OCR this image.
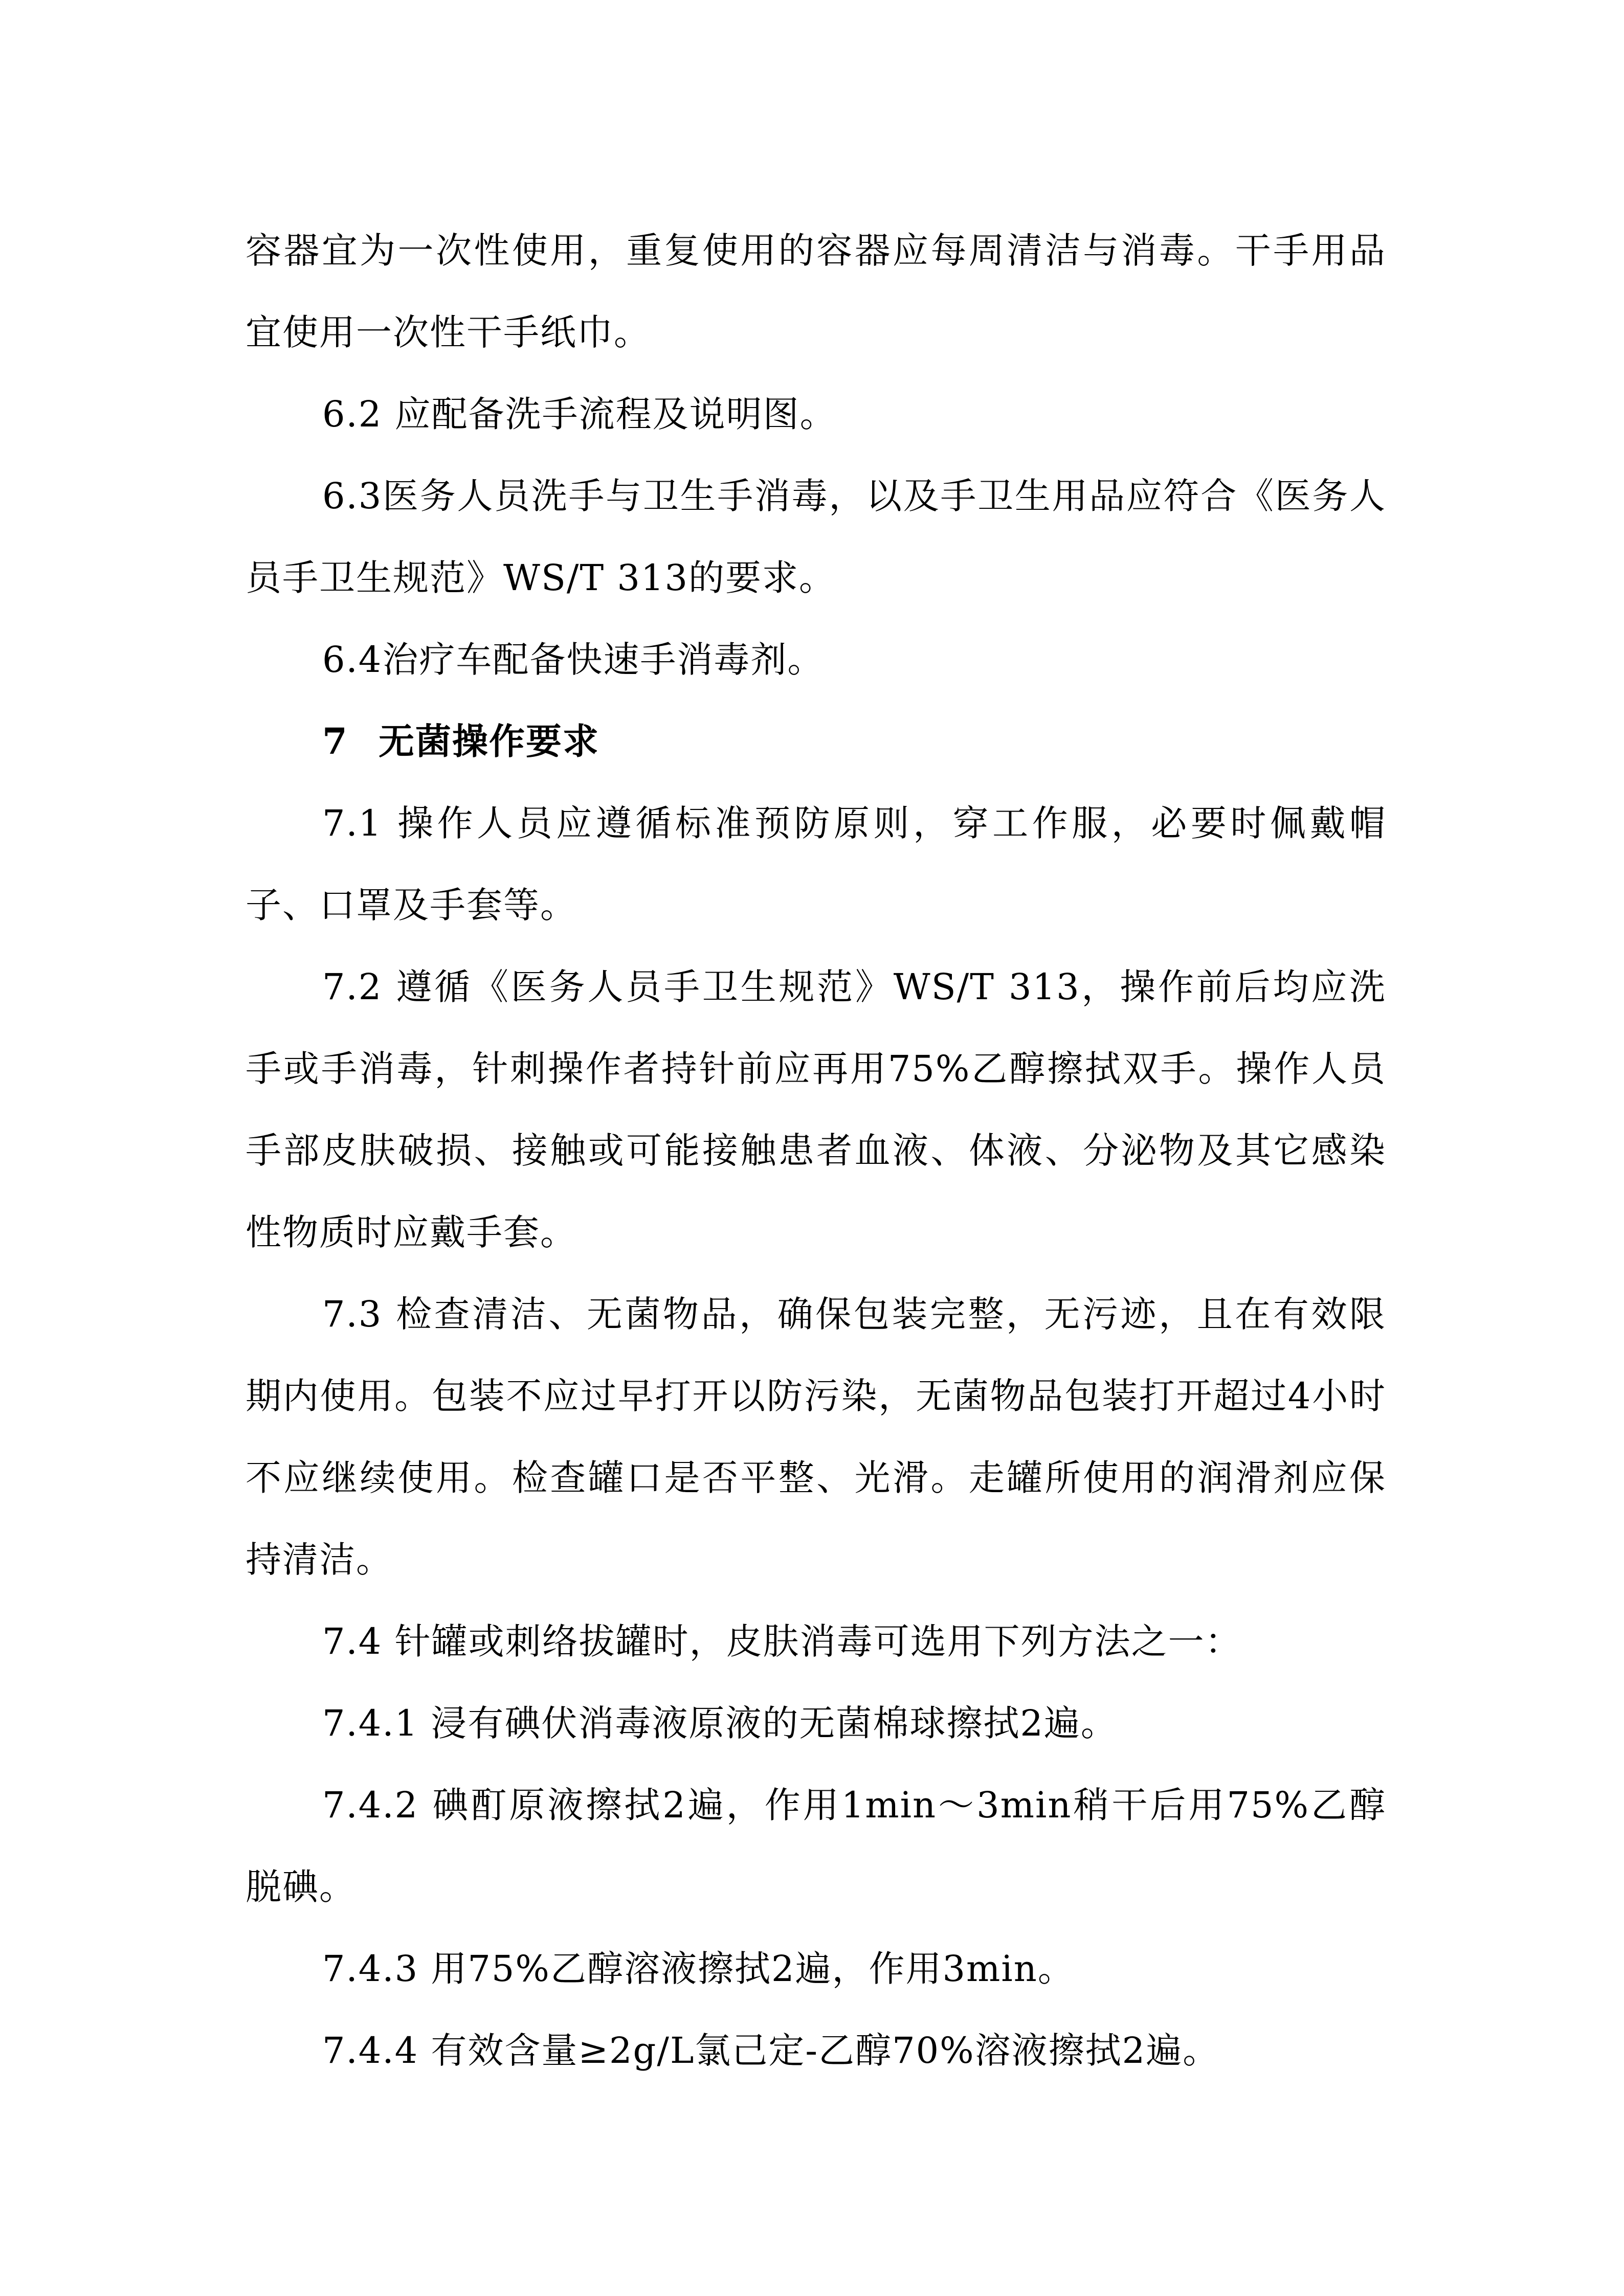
容器宜为一次性使用，重复使用的容器应每周清洁与消毒。干手用品宜使用一次性干手纸巾。

6.2 应配备洗手流程及说明图。

6.3医务人员洗手与卫生手消毒，以及手卫生用品应符合《医务人员手卫生规范》WS/T 313的要求。

6.4治疗车配备快速手消毒剂。

7 无菌操作要求

7.1 操作人员应遵循标准预防原则，穿工作服，必要时佩戴帽子、口罩及手套等。

7.2 遵循《医务人员手卫生规范》WS/T 313，操作前后均应洗手或手消毒，针刺操作者持针前应再用75%乙醇擦拭双手。操作人员手部皮肤破损、接触或可能接触患者血液、体液、分泌物及其它感染性物质时应戴手套。

7.3 检查清洁、无菌物品，确保包装完整，无污迹，且在有效限期内使用。包装不应过早打开以防污染，无菌物品包装打开超过4小时不应继续使用。检查罐口是否平整、光滑。走罐所使用的润滑剂应保持清洁。

7.4 针罐或刺络拔罐时，皮肤消毒可选用下列方法之一：

7.4.1 浸有碘伏消毒液原液的无菌棉球擦拭2遍。

7.4.2 碘酊原液擦拭2遍，作用1min～3min稍干后用75%乙醇脱碘。

7.4.3 用75%乙醇溶液擦拭2遍，作用3min。

7.4.4 有效含量≥2g/L氯己定-乙醇70%溶液擦拭2遍。
